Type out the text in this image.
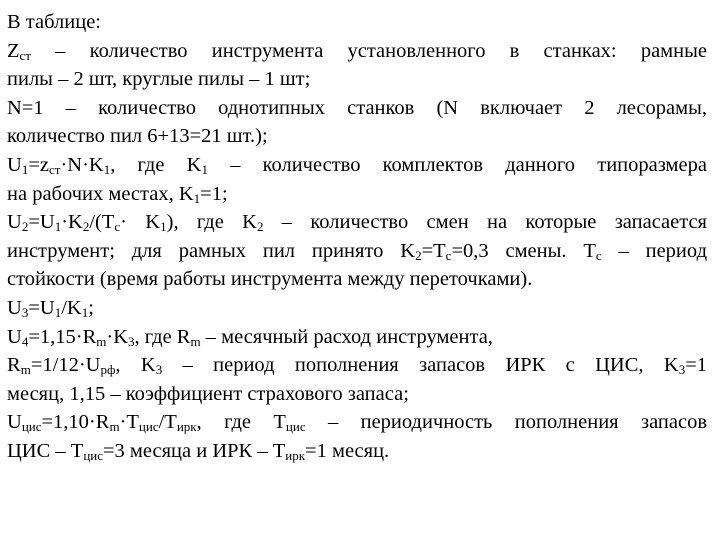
В таблице:
$Z_{ст}$ – количество инструмента установленного в станках: рамные
пилы – 2 шт, круглые пилы – 1 шт;
N=1 – количество однотипных станков (N включает 2 лесорамы,
количество пил 6+13=21 шт.);
$U_1=z_{ст}\cdot N\cdot K_1$, где $K_1$ – количество комплектов данного типоразмера
на рабочих местах, $K_1=1$;
$U_2=U_1\cdot K_2/(T_c\cdot K_1)$, где $K_2$ – количество смен на которые запасается
инструмент; для рамных пил принято $K_2=T_c=0,3$ смены. $T_c$ – период
стойкости (время работы инструмента между переточками).
$U_3=U_1/K_1$;
$U_4=1,15\cdot R_m\cdot K_3$, где $R_m$ – месячный расход инструмента,
$R_m=1/12\cdot U_{рф}$, $K_3$ – период пополнения запасов ИРК с ЦИС, $K_3=1$
месяц, 1,15 – коэффициент страхового запаса;
$U_{цис}=1,10\cdot R_m\cdot T_{цис}/T_{ирк}$, где $T_{цис}$ – периодичность пополнения запасов
ЦИС – $T_{цис}=3$ месяца и ИРК – $T_{ирк}=1$ месяц.
